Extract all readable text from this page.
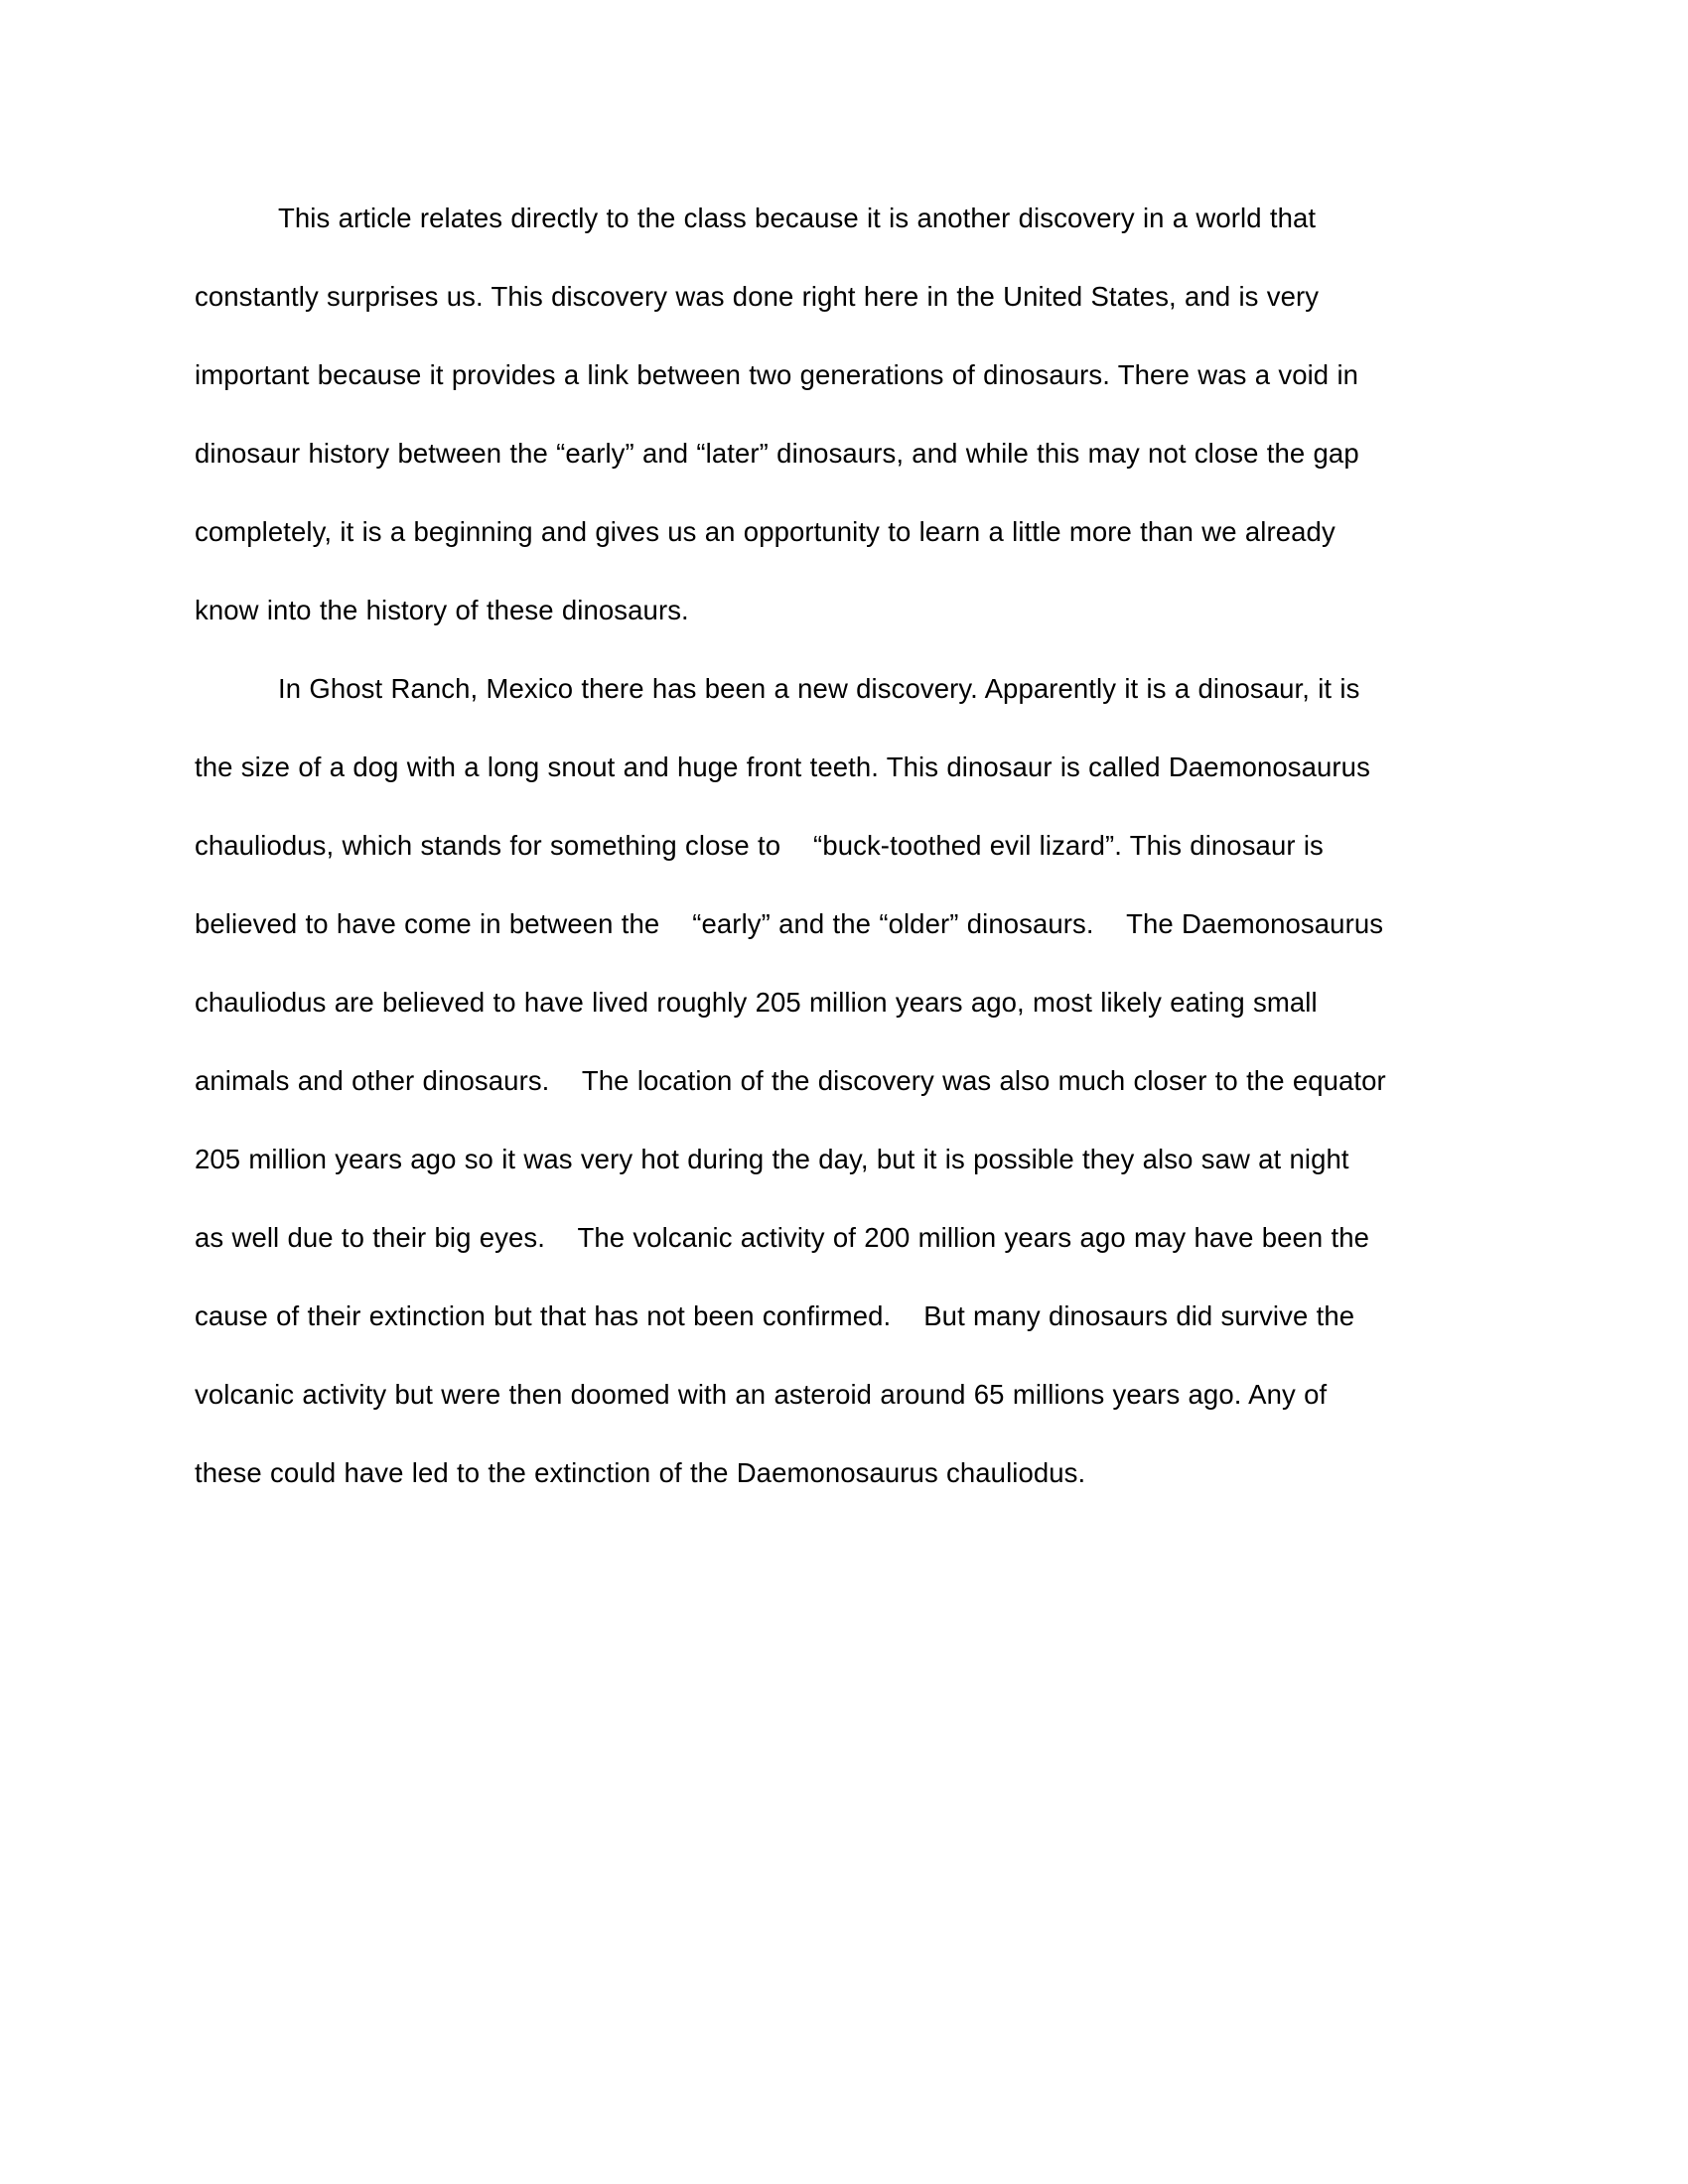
This article relates directly to the class because it is another discovery in a world that constantly surprises us. This discovery was done right here in the United States, and is very important because it provides a link between two generations of dinosaurs. There was a void in dinosaur history between the “early” and “later” dinosaurs, and while this may not close the gap completely, it is a beginning and gives us an opportunity to learn a little more than we already know into the history of these dinosaurs.

In Ghost Ranch, Mexico there has been a new discovery. Apparently it is a dinosaur, it is the size of a dog with a long snout and huge front teeth. This dinosaur is called Daemonosaurus chauliodus, which stands for something close to    “buck-toothed evil lizard”. This dinosaur is believed to have come in between the    “early” and the “older” dinosaurs.    The Daemonosaurus chauliodus are believed to have lived roughly 205 million years ago, most likely eating small animals and other dinosaurs.    The location of the discovery was also much closer to the equator 205 million years ago so it was very hot during the day, but it is possible they also saw at night as well due to their big eyes.    The volcanic activity of 200 million years ago may have been the cause of their extinction but that has not been confirmed.    But many dinosaurs did survive the volcanic activity but were then doomed with an asteroid around 65 millions years ago. Any of these could have led to the extinction of the Daemonosaurus chauliodus.
